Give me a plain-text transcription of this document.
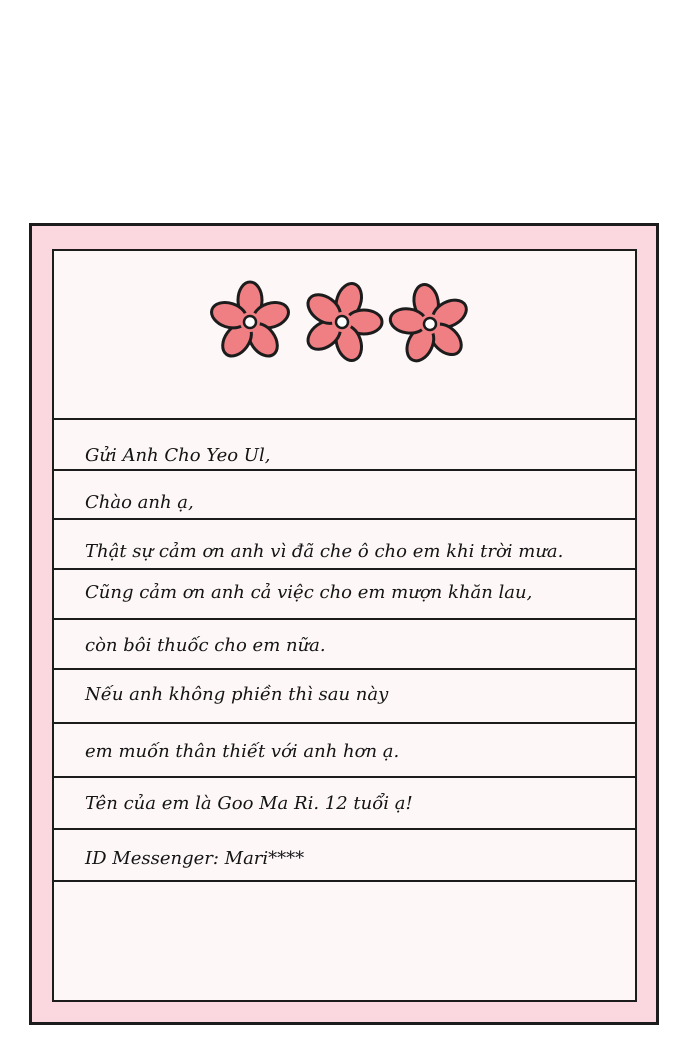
Gửi Anh Cho Yeo Ul,
Chào anh ạ,
Thật sự cảm ơn anh vì đã che ô cho em khi trời mưa.
Cũng cảm ơn anh cả việc cho em mượn khăn lau,
còn bôi thuốc cho em nữa.
Nếu anh không phiền thì sau này
em muốn thân thiết với anh hơn ạ.
Tên của em là Goo Ma Ri. 12 tuổi ạ!
ID Messenger: Mari****
